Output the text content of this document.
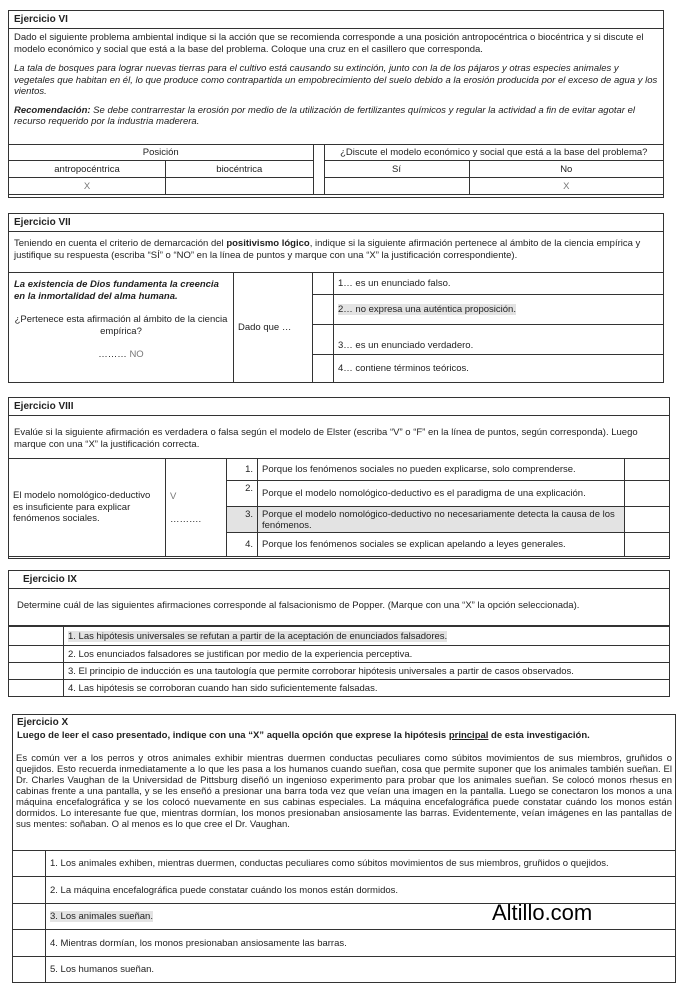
Ejercicio VI
Dado el siguiente problema ambiental indique si la acción que se recomienda corresponde a una posición antropocéntrica o biocéntrica y si discute el modelo económico y social que está a la base del problema. Coloque una cruz en el casillero que corresponda.
La tala de bosques para lograr nuevas tierras para el cultivo está causando su extinción, junto con la de los pájaros y otras especies animales y vegetales que habitan en él, lo que produce como contrapartida un empobrecimiento del suelo debido a la erosión producida por el exceso de agua y los vientos.
Recomendación: Se debe contrarrestar la erosión por medio de la utilización de fertilizantes químicos y regular la actividad a fin de evitar agotar el recurso requerido por la industria maderera.
Posición			¿Discute el modelo económico y social que está a la base del problema?	
antropocéntrica	biocéntrica		Sí	No
X				X
Ejercicio VII
Teniendo en cuenta el criterio de demarcación del positivismo lógico, indique si la siguiente afirmación pertenece al ámbito de la ciencia empírica y justifique su respuesta (escriba “SÍ” o “NO” en la línea de puntos y marque con una “X” la justificación correspondiente).
La existencia de Dios fundamenta la creencia en la inmortalidad del alma humana.
¿Pertenece esta afirmación al ámbito de la ciencia empírica?
……… NO	Dado que …		1… es un enunciado falso.
			2… no expresa una auténtica proposición.
			3… es un enunciado verdadero.
			4… contiene términos teóricos.
Ejercicio VIII
Evalúe si la siguiente afirmación es verdadera o falsa según el modelo de Elster (escriba “V” o “F” en la línea de puntos, según corresponda). Luego marque con una “X” la justificación correcta.
El modelo nomológico-deductivo es insuficiente para explicar fenómenos sociales.	V
……….	1.	Porque los fenómenos sociales no pueden explicarse, solo comprenderse.	
		2.	Porque el modelo nomológico-deductivo es el paradigma de una explicación.	
		3.	Porque el modelo nomológico-deductivo no necesariamente detecta la causa de los fenómenos.	
		4.	Porque los fenómenos sociales se explican apelando a leyes generales.	
Ejercicio IX
Determine cuál de las siguientes afirmaciones corresponde al falsacionismo de Popper. (Marque con una “X” la opción seleccionada).
	1. Las hipótesis universales se refutan a partir de la aceptación de enunciados falsadores.
	2. Los enunciados falsadores se justifican por medio de la experiencia perceptiva.
	3. El principio de inducción es una tautología que permite corroborar hipótesis universales a partir de casos observados.
	4. Las hipótesis se corroboran cuando han sido suficientemente falsadas.
Ejercicio X
Luego de leer el caso presentado, indique con una “X” aquella opción que exprese la hipótesis principal de esta investigación.
Es común ver a los perros y otros animales exhibir mientras duermen conductas peculiares como súbitos movimientos de sus miembros, gruñidos o quejidos. Esto recuerda inmediatamente a lo que les pasa a los humanos cuando sueñan, cosa que permite suponer que los animales también sueñan. El Dr. Charles Vaughan de la Universidad de Pittsburg diseñó un ingenioso experimento para probar que los animales sueñan. Se colocó monos rhesus en cabinas frente a una pantalla, y se les enseñó a presionar una barra toda vez que veían una imagen en la pantalla. Luego se conectaron los monos a una máquina encefalográfica y se los colocó nuevamente en sus cabinas especiales. La máquina encefalográfica puede constatar cuándo los monos están dormidos. Lo interesante fue que, mientras dormían, los monos presionaban ansiosamente las barras. Evidentemente, veían imágenes en las pantallas de sus mentes: soñaban. O al menos es lo que cree el Dr. Vaughan.
	1. Los animales exhiben, mientras duermen, conductas peculiares como súbitos movimientos de sus miembros, gruñidos o quejidos.
	2. La máquina encefalográfica puede constatar cuándo los monos están dormidos.
	3. Los animales sueñan.
	4. Mientras dormían, los monos presionaban ansiosamente las barras.
	5. Los humanos sueñan.
Altillo.com
